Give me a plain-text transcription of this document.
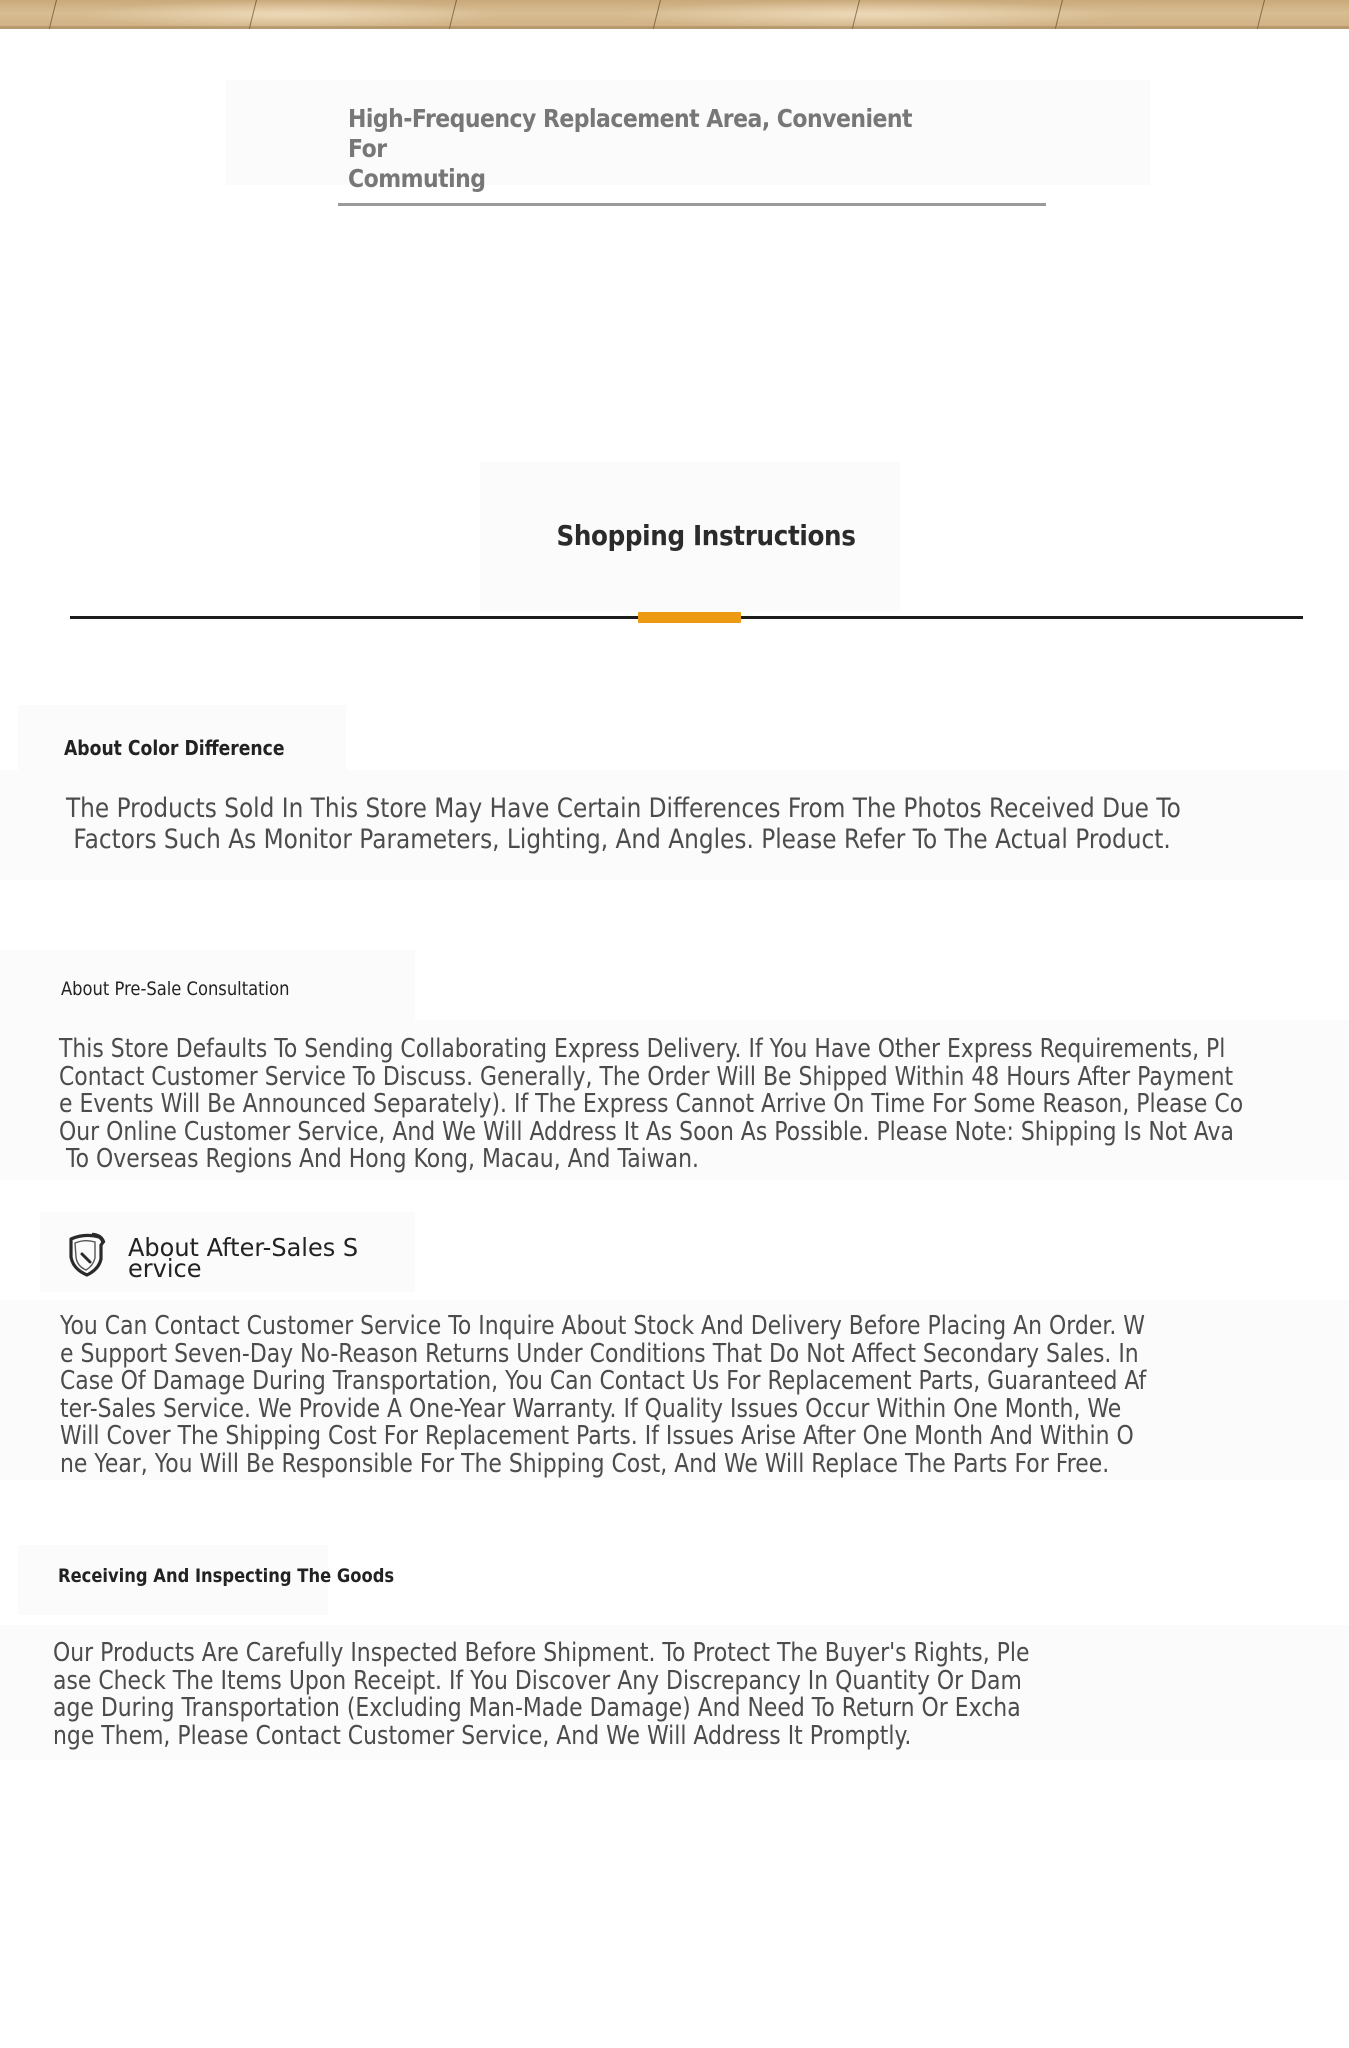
High-Frequency Replacement Area, Convenient For
Commuting
Shopping Instructions
About Color Difference
The Products Sold In This Store May Have Certain Differences From The Photos Received Due To
Factors Such As Monitor Parameters, Lighting, And Angles. Please Refer To The Actual Product.
About Pre-Sale Consultation
This Store Defaults To Sending Collaborating Express Delivery. If You Have Other Express Requirements, Pl
Contact Customer Service To Discuss. Generally, The Order Will Be Shipped Within 48 Hours After Payment
e Events Will Be Announced Separately). If The Express Cannot Arrive On Time For Some Reason, Please Co
Our Online Customer Service, And We Will Address It As Soon As Possible. Please Note: Shipping Is Not Ava
To Overseas Regions And Hong Kong, Macau, And Taiwan.
About After-Sales S
ervice
You Can Contact Customer Service To Inquire About Stock And Delivery Before Placing An Order. W
e Support Seven-Day No-Reason Returns Under Conditions That Do Not Affect Secondary Sales. In
Case Of Damage During Transportation, You Can Contact Us For Replacement Parts, Guaranteed Af
ter-Sales Service. We Provide A One-Year Warranty. If Quality Issues Occur Within One Month, We
Will Cover The Shipping Cost For Replacement Parts. If Issues Arise After One Month And Within O
ne Year, You Will Be Responsible For The Shipping Cost, And We Will Replace The Parts For Free.
Receiving And Inspecting The Goods
Our Products Are Carefully Inspected Before Shipment. To Protect The Buyer's Rights, Ple
ase Check The Items Upon Receipt. If You Discover Any Discrepancy In Quantity Or Dam
age During Transportation (Excluding Man-Made Damage) And Need To Return Or Excha
nge Them, Please Contact Customer Service, And We Will Address It Promptly.
